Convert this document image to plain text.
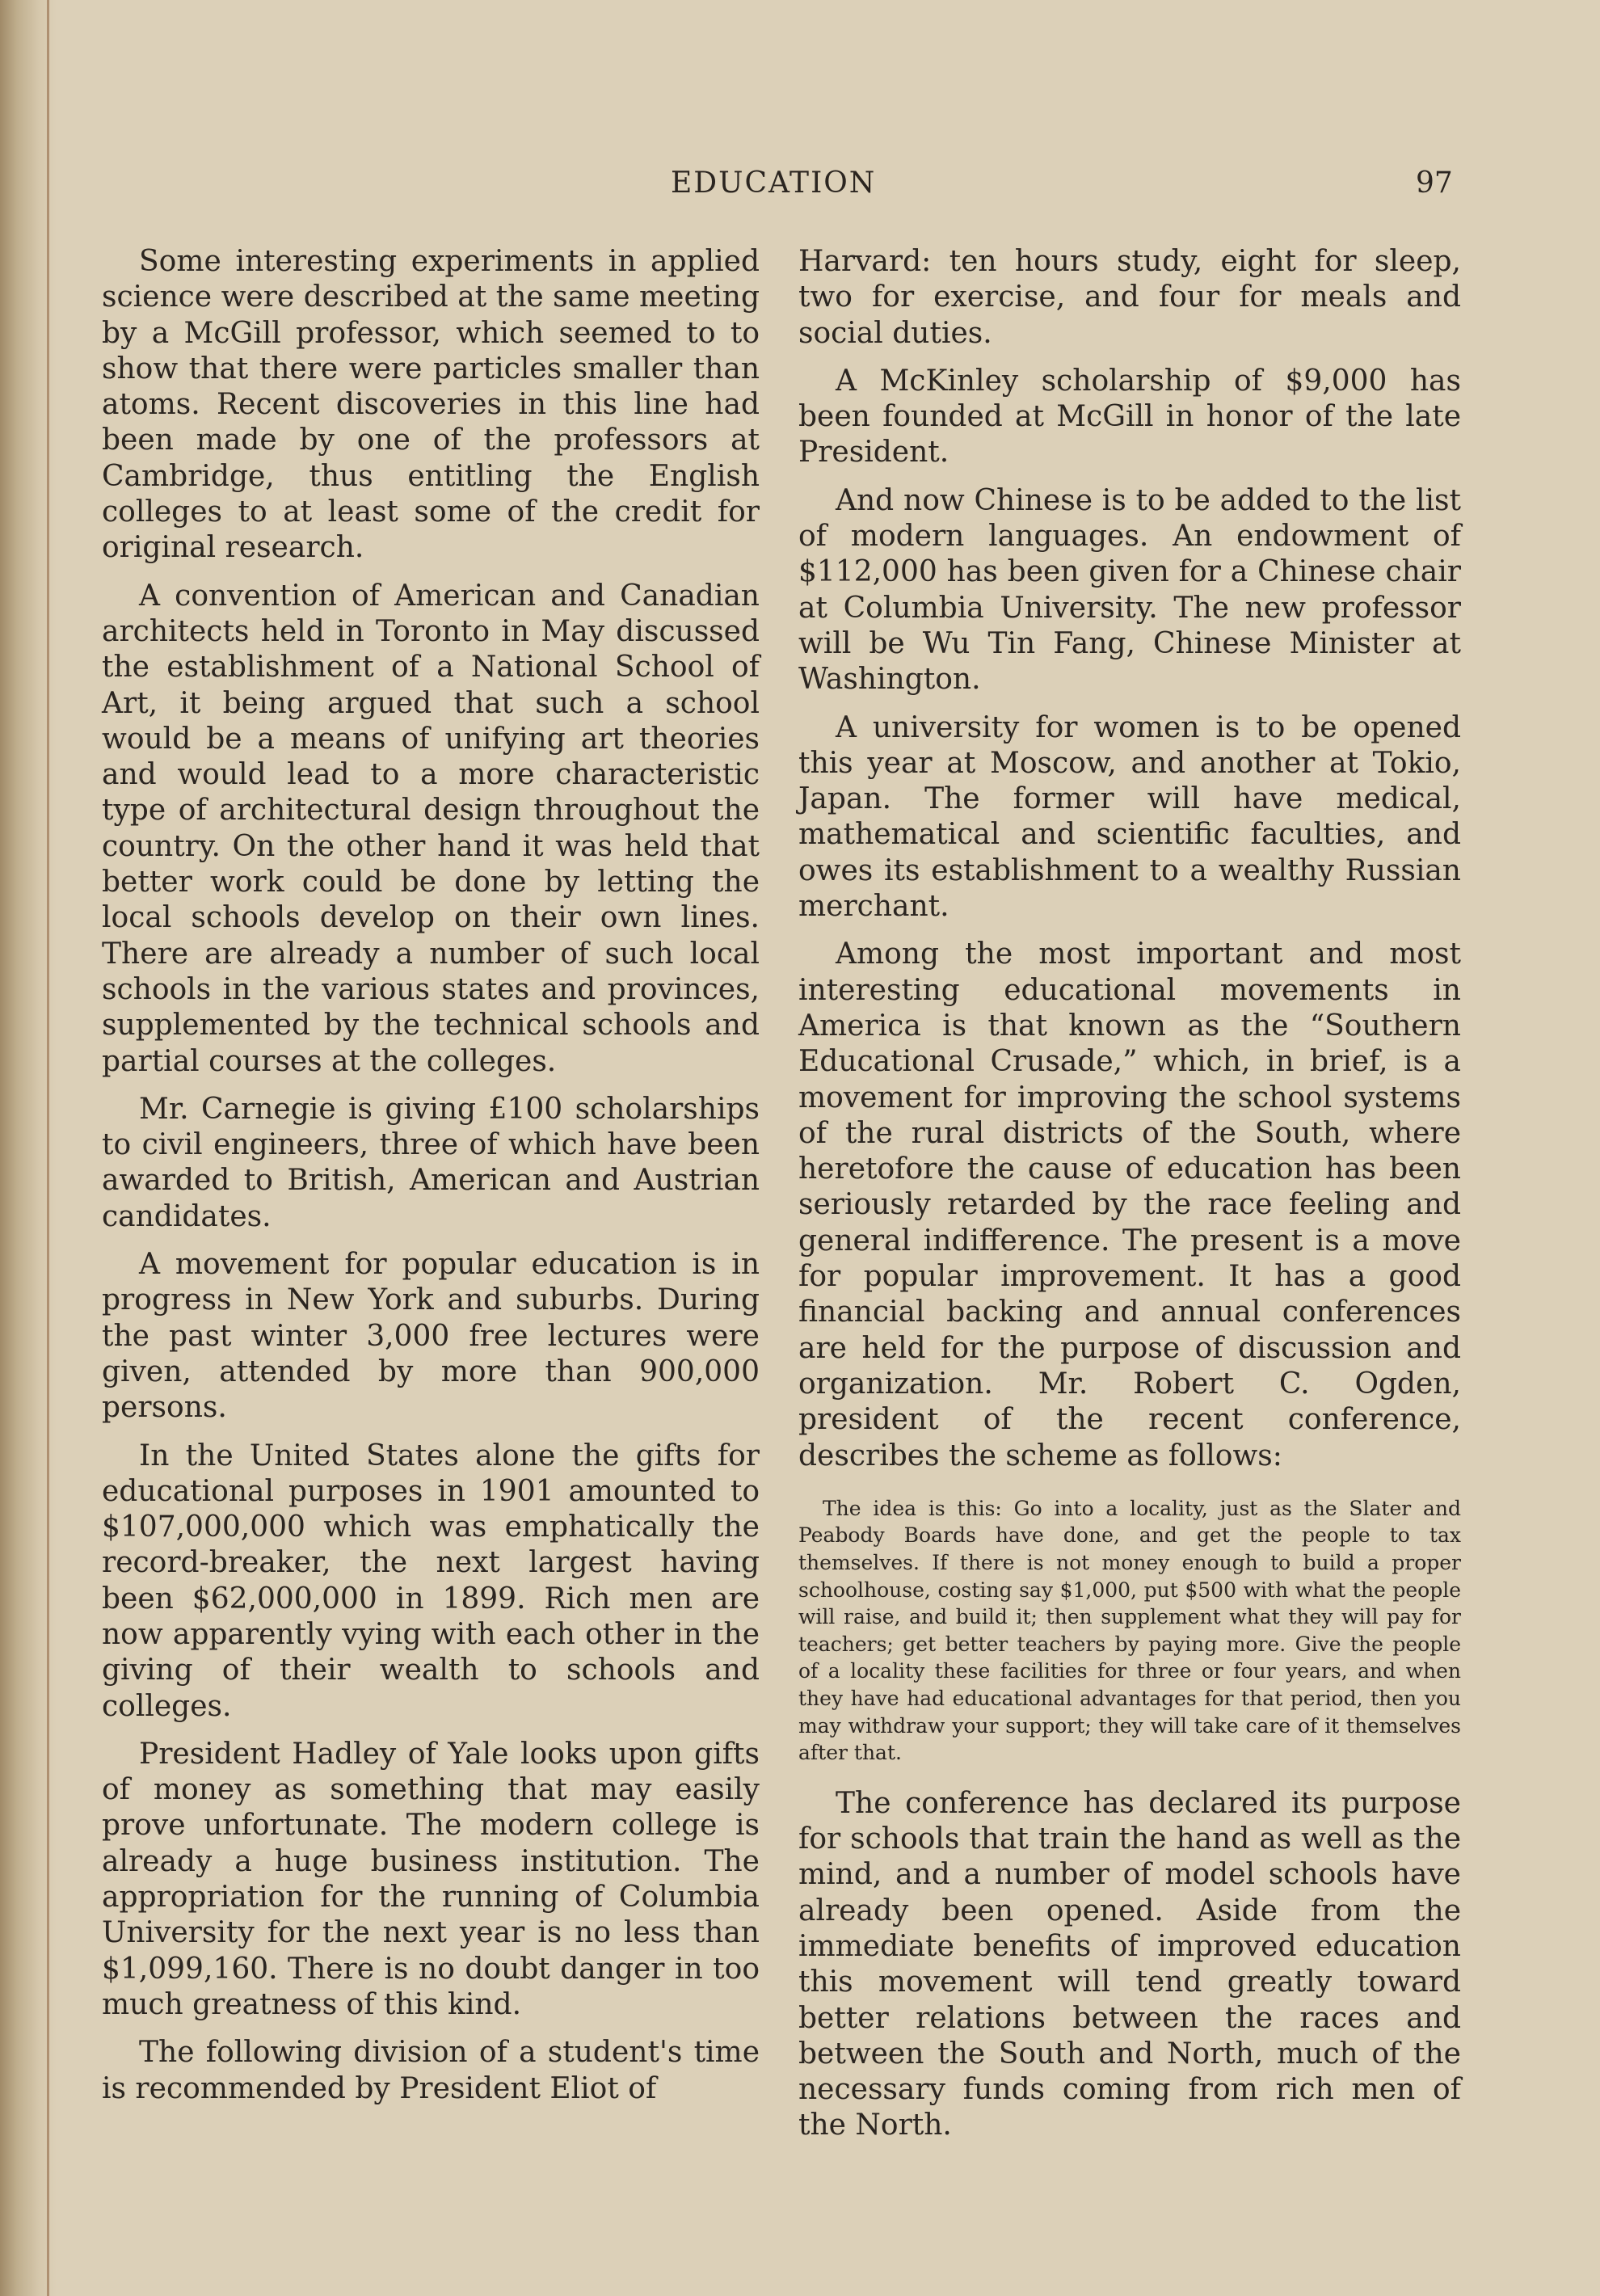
EDUCATION	97

Some interesting experiments in applied science were described at the same meeting by a McGill professor, which seemed to to show that there were particles smaller than atoms. Recent discoveries in this line had been made by one of the professors at Cambridge, thus entitling the English colleges to at least some of the credit for original research.

A convention of American and Canadian architects held in Toronto in May discussed the establishment of a National School of Art, it being argued that such a school would be a means of unifying art theories and would lead to a more characteristic type of architectural design throughout the country. On the other hand it was held that better work could be done by letting the local schools develop on their own lines. There are already a number of such local schools in the various states and provinces, supplemented by the technical schools and partial courses at the colleges.

Mr. Carnegie is giving £100 scholarships to civil engineers, three of which have been awarded to British, American and Austrian candidates.

A movement for popular education is in progress in New York and suburbs. During the past winter 3,000 free lectures were given, attended by more than 900,000 persons.

In the United States alone the gifts for educational purposes in 1901 amounted to $107,000,000 which was emphatically the record-breaker, the next largest having been $62,000,000 in 1899. Rich men are now apparently vying with each other in the giving of their wealth to schools and colleges.

President Hadley of Yale looks upon gifts of money as something that may easily prove unfortunate. The modern college is already a huge business institution. The appropriation for the running of Columbia University for the next year is no less than $1,099,160. There is no doubt danger in too much greatness of this kind.

The following division of a student's time is recommended by President Eliot of

Harvard: ten hours study, eight for sleep, two for exercise, and four for meals and social duties.

A McKinley scholarship of $9,000 has been founded at McGill in honor of the late President.

And now Chinese is to be added to the list of modern languages. An endowment of $112,000 has been given for a Chinese chair at Columbia University. The new professor will be Wu Tin Fang, Chinese Minister at Washington.

A university for women is to be opened this year at Moscow, and another at Tokio, Japan. The former will have medical, mathematical and scientific faculties, and owes its establishment to a wealthy Russian merchant.

Among the most important and most interesting educational movements in America is that known as the “Southern Educational Crusade,” which, in brief, is a movement for improving the school systems of the rural districts of the South, where heretofore the cause of education has been seriously retarded by the race feeling and general indifference. The present is a move for popular improvement. It has a good financial backing and annual conferences are held for the purpose of discussion and organization. Mr. Robert C. Ogden, president of the recent conference, describes the scheme as follows:

The idea is this: Go into a locality, just as the Slater and Peabody Boards have done, and get the people to tax themselves. If there is not money enough to build a proper schoolhouse, costing say $1,000, put $500 with what the people will raise, and build it; then supplement what they will pay for teachers; get better teachers by paying more. Give the people of a locality these facilities for three or four years, and when they have had educational advantages for that period, then you may withdraw your support; they will take care of it themselves after that.

The conference has declared its purpose for schools that train the hand as well as the mind, and a number of model schools have already been opened. Aside from the immediate benefits of improved education this movement will tend greatly toward better relations between the races and between the South and North, much of the necessary funds coming from rich men of the North.
